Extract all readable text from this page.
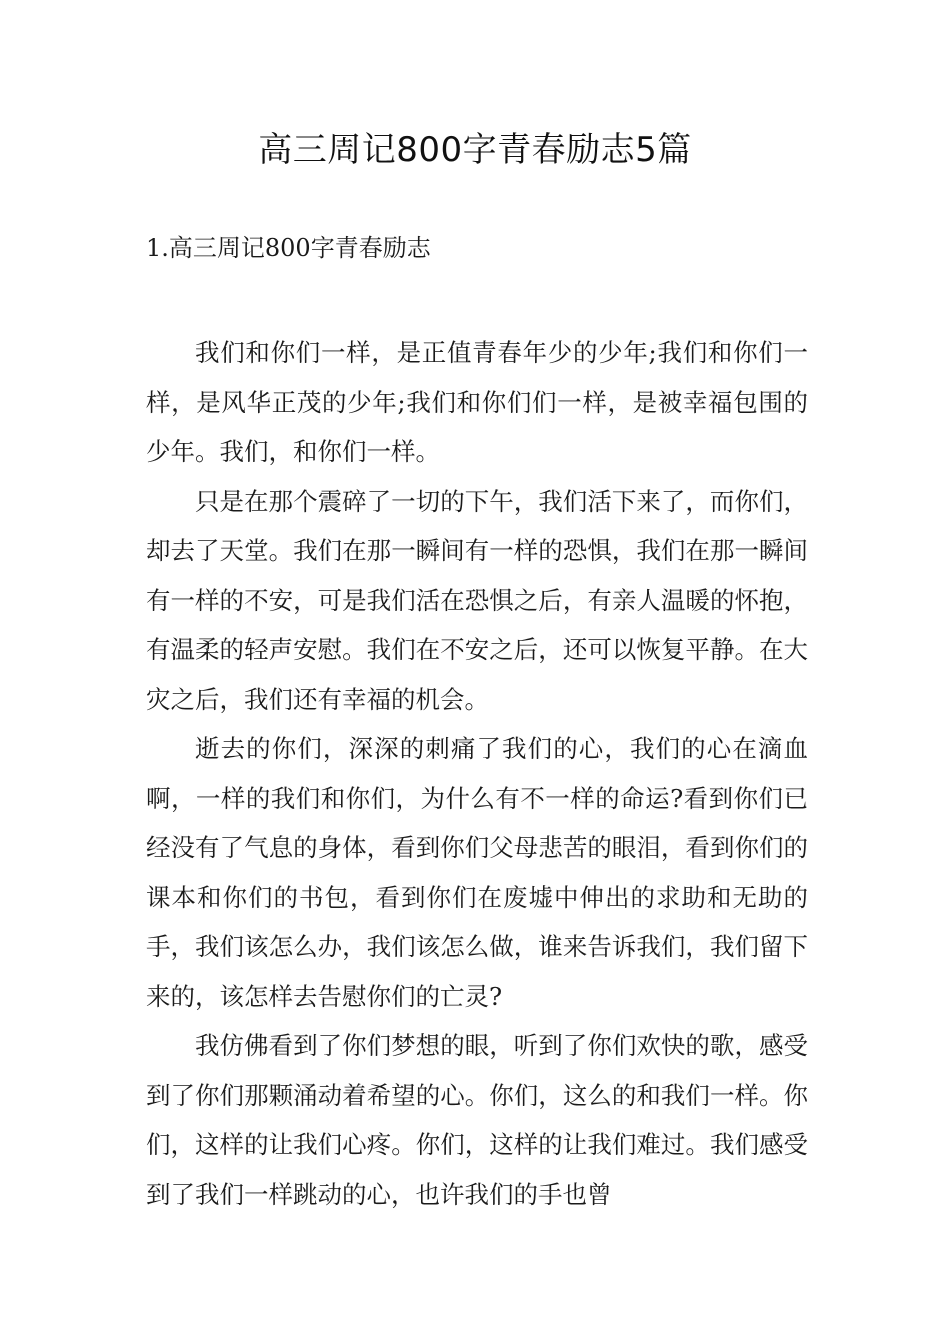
高三周记800字青春励志5篇
1.高三周记800字青春励志

我们和你们一样，是正值青春年少的少年;我们和你们一样，是风华正茂的少年;我们和你们们一样，是被幸福包围的少年。我们，和你们一样。

只是在那个震碎了一切的下午，我们活下来了，而你们，却去了天堂。我们在那一瞬间有一样的恐惧，我们在那一瞬间有一样的不安，可是我们活在恐惧之后，有亲人温暖的怀抱，有温柔的轻声安慰。我们在不安之后，还可以恢复平静。在大灾之后，我们还有幸福的机会。

逝去的你们，深深的刺痛了我们的心，我们的心在滴血啊，一样的我们和你们，为什么有不一样的命运?看到你们已经没有了气息的身体，看到你们父母悲苦的眼泪，看到你们的课本和你们的书包，看到你们在废墟中伸出的求助和无助的手，我们该怎么办，我们该怎么做，谁来告诉我们，我们留下来的，该怎样去告慰你们的亡灵?

我仿佛看到了你们梦想的眼，听到了你们欢快的歌，感受到了你们那颗涌动着希望的心。你们，这么的和我们一样。你们，这样的让我们心疼。你们，这样的让我们难过。我们感受到了我们一样跳动的心，也许我们的手也曾
